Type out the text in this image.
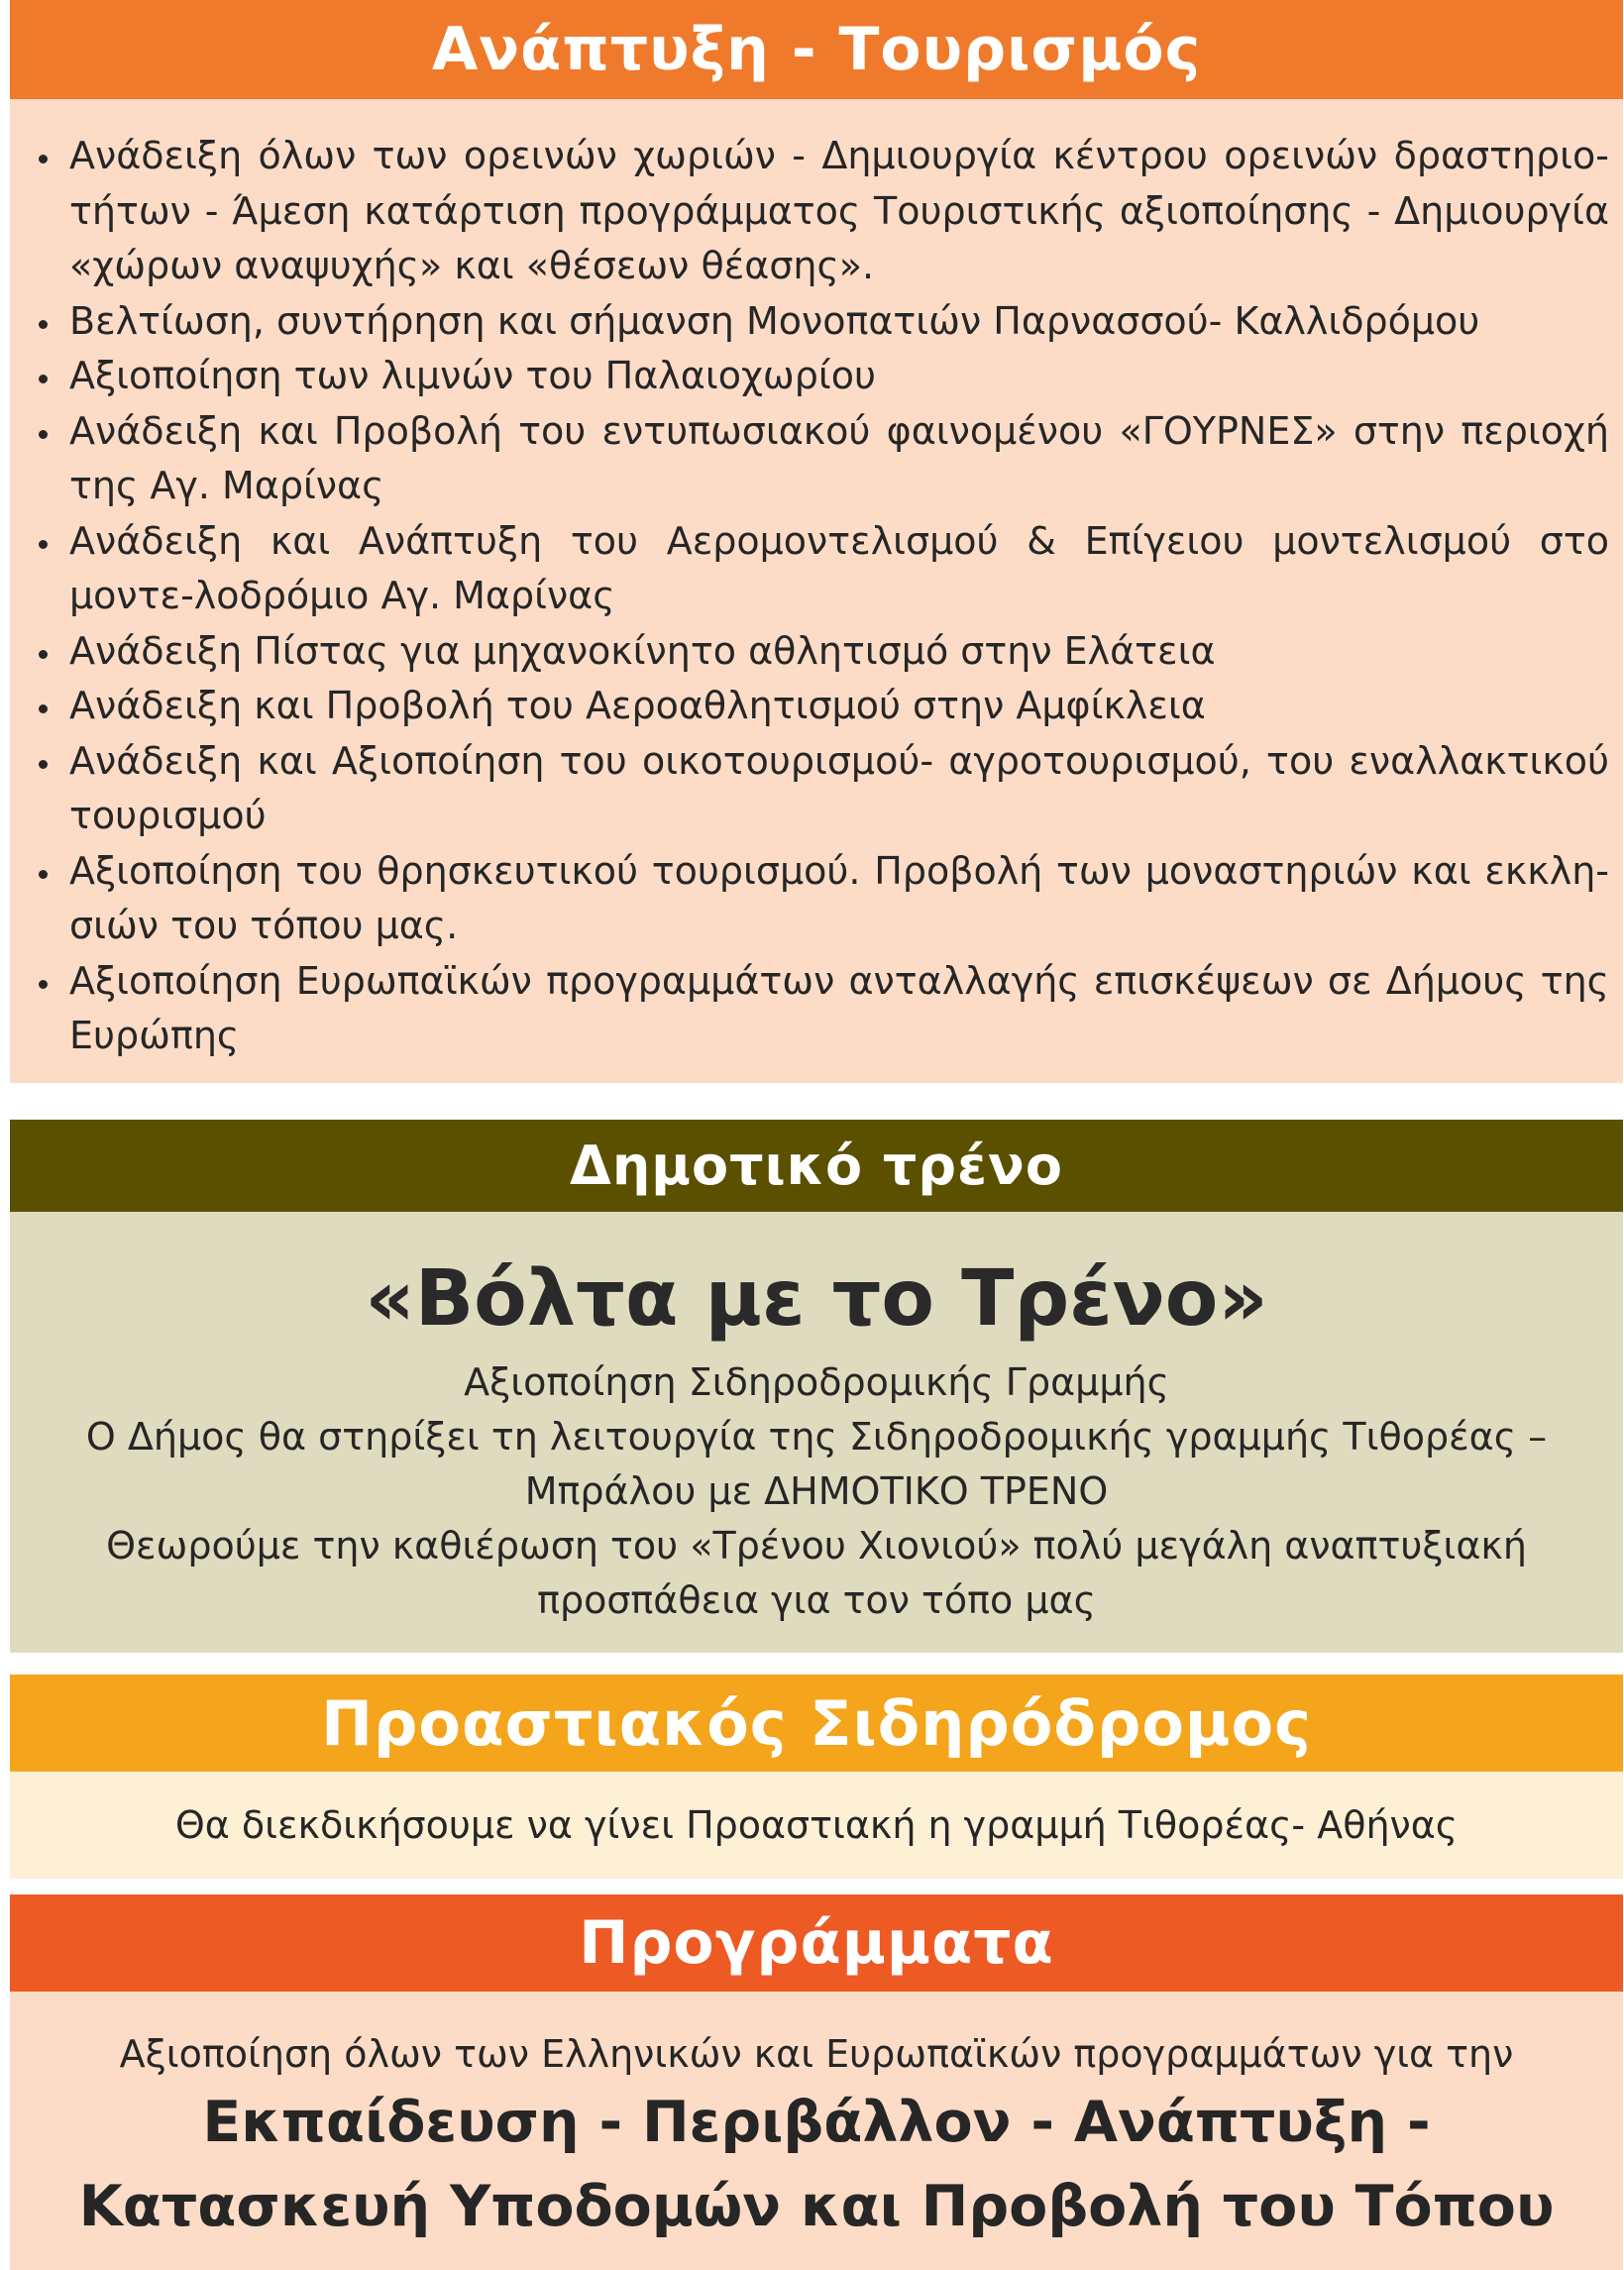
Ανάπτυξη - Τουρισμός
Ανάδειξη όλων των ορεινών χωριών - Δημιουργία κέντρου ορεινών δραστηριο-τήτων - Άμεση κατάρτιση προγράμματος Τουριστικής αξιοποίησης - Δημιουργία «χώρων αναψυχής» και «θέσεων θέασης».
Βελτίωση, συντήρηση και σήμανση Μονοπατιών Παρνασσού- Καλλιδρόμου
Αξιοποίηση των λιμνών του Παλαιοχωρίου
Ανάδειξη και Προβολή του εντυπωσιακού φαινομένου «ΓΟΥΡΝΕΣ» στην περιοχή της Αγ. Μαρίνας
Ανάδειξη και Ανάπτυξη του Αερομοντελισμού & Επίγειου μοντελισμού στο μοντε-λοδρόμιο Αγ. Μαρίνας
Ανάδειξη Πίστας για μηχανοκίνητο αθλητισμό στην Ελάτεια
Ανάδειξη και Προβολή του Αεροαθλητισμού στην Αμφίκλεια
Ανάδειξη και Αξιοποίηση του οικοτουρισμού- αγροτουρισμού, του εναλλακτικού τουρισμού
Αξιοποίηση του θρησκευτικού τουρισμού. Προβολή των μοναστηριών και εκκλη-σιών του τόπου μας.
Αξιοποίηση Ευρωπαϊκών προγραμμάτων ανταλλαγής επισκέψεων σε Δήμους της Ευρώπης
Δημοτικό τρένο
«Βόλτα με το Τρένο»
Αξιοποίηση Σιδηροδρομικής Γραμμής
Ο Δήμος θα στηρίξει τη λειτουργία της Σιδηροδρομικής γραμμής Τιθορέας –
Μπράλου με ΔΗΜΟΤΙΚΟ ΤΡΕΝΟ
Θεωρούμε την καθιέρωση του «Τρένου Χιονιού» πολύ μεγάλη αναπτυξιακή
προσπάθεια για τον τόπο μας
Προαστιακός Σιδηρόδρομος
Θα διεκδικήσουμε να γίνει Προαστιακή η γραμμή Τιθορέας- Αθήνας
Προγράμματα
Αξιοποίηση όλων των Ελληνικών και Ευρωπαϊκών προγραμμάτων για την
Εκπαίδευση - Περιβάλλον - Ανάπτυξη -
Κατασκευή Υποδομών και Προβολή του Τόπου
